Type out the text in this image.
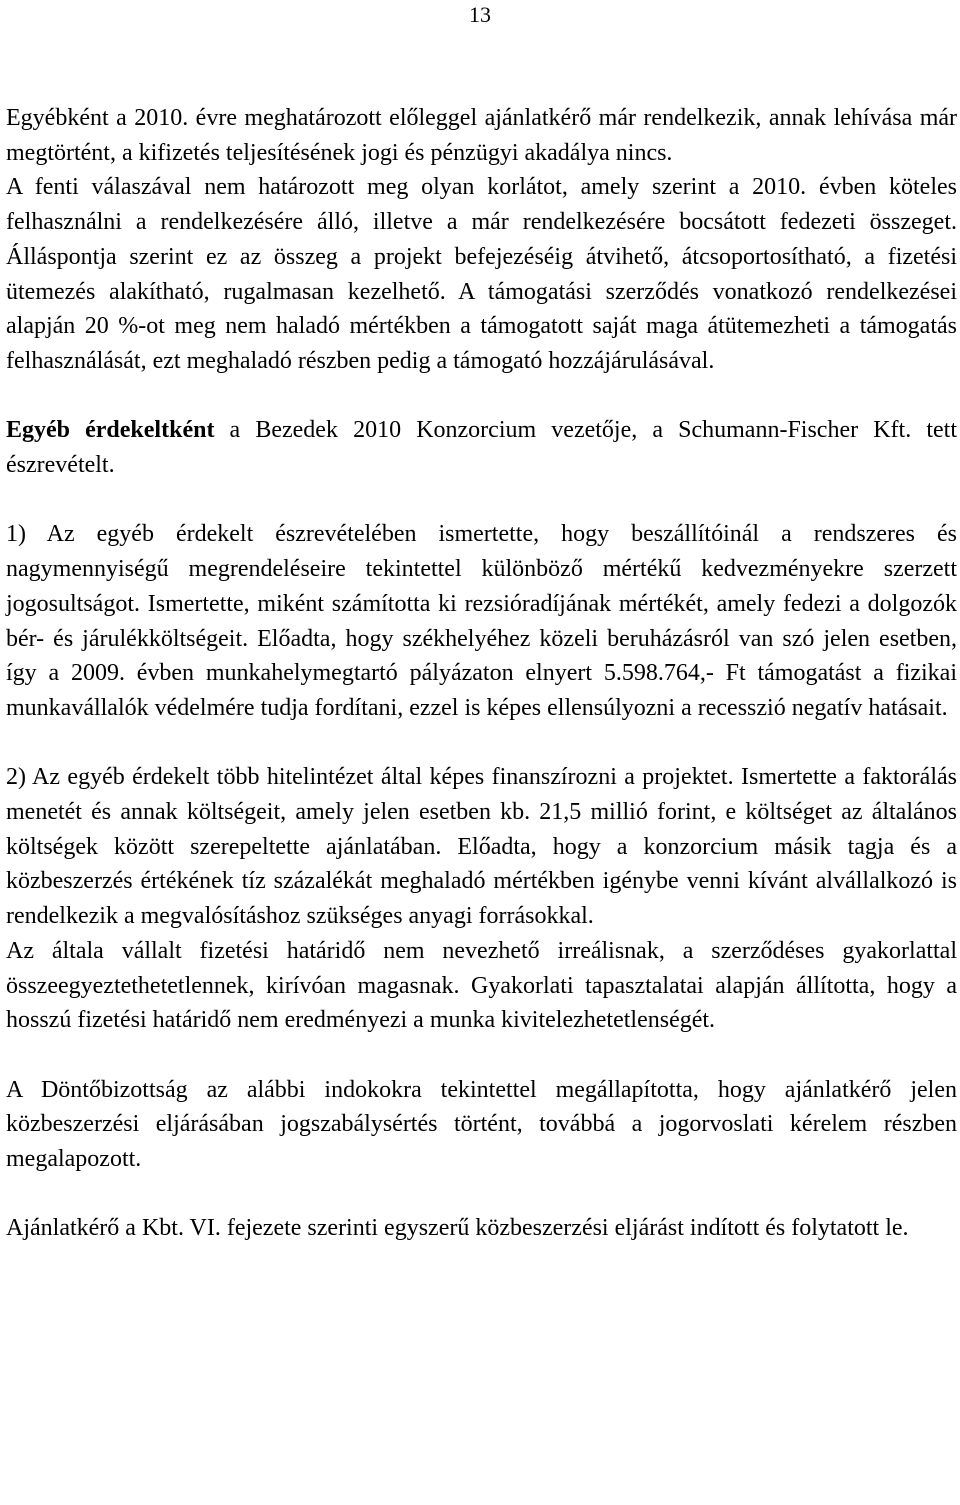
13

Egyébként a 2010. évre meghatározott előleggel ajánlatkérő már rendelkezik, annak lehívása már megtörtént, a kifizetés teljesítésének jogi és pénzügyi akadálya nincs.

A fenti válaszával nem határozott meg olyan korlátot, amely szerint a 2010. évben köteles felhasználni a rendelkezésére álló, illetve a már rendelkezésére bocsátott fedezeti összeget. Álláspontja szerint ez az összeg a projekt befejezéséig átvihető, átcsoportosítható, a fizetési ütemezés alakítható, rugalmasan kezelhető. A támogatási szerződés vonatkozó rendelkezései alapján 20 %-ot meg nem haladó mértékben a támogatott saját maga átütemezheti a támogatás felhasználását, ezt meghaladó részben pedig a támogató hozzájárulásával.

Egyéb érdekeltként a Bezedek 2010 Konzorcium vezetője, a Schumann-Fischer Kft. tett észrevételt.

1) Az egyéb érdekelt észrevételében ismertette, hogy beszállítóinál a rendszeres és nagymennyiségű megrendeléseire tekintettel különböző mértékű kedvezményekre szerzett jogosultságot. Ismertette, miként számította ki rezsióradíjának mértékét, amely fedezi a dolgozók bér- és járulékköltségeit. Előadta, hogy székhelyéhez közeli beruházásról van szó jelen esetben, így a 2009. évben munkahelymegtartó pályázaton elnyert 5.598.764,- Ft támogatást a fizikai munkavállalók védelmére tudja fordítani, ezzel is képes ellensúlyozni a recesszió negatív hatásait.

2) Az egyéb érdekelt több hitelintézet által képes finanszírozni a projektet. Ismertette a faktorálás menetét és annak költségeit, amely jelen esetben kb. 21,5 millió forint, e költséget az általános költségek között szerepeltette ajánlatában. Előadta, hogy a konzorcium másik tagja és a közbeszerzés értékének tíz százalékát meghaladó mértékben igénybe venni kívánt alvállalkozó is rendelkezik a megvalósításhoz szükséges anyagi forrásokkal.

Az általa vállalt fizetési határidő nem nevezhető irreálisnak, a szerződéses gyakorlattal összeegyeztethetetlennek, kirívóan magasnak. Gyakorlati tapasztalatai alapján állította, hogy a hosszú fizetési határidő nem eredményezi a munka kivitelezhetetlenségét.

A Döntőbizottság az alábbi indokokra tekintettel megállapította, hogy ajánlatkérő jelen közbeszerzési eljárásában jogszabálysértés történt, továbbá a jogorvoslati kérelem részben megalapozott.

Ajánlatkérő a Kbt. VI. fejezete szerinti egyszerű közbeszerzési eljárást indított és folytatott le.
